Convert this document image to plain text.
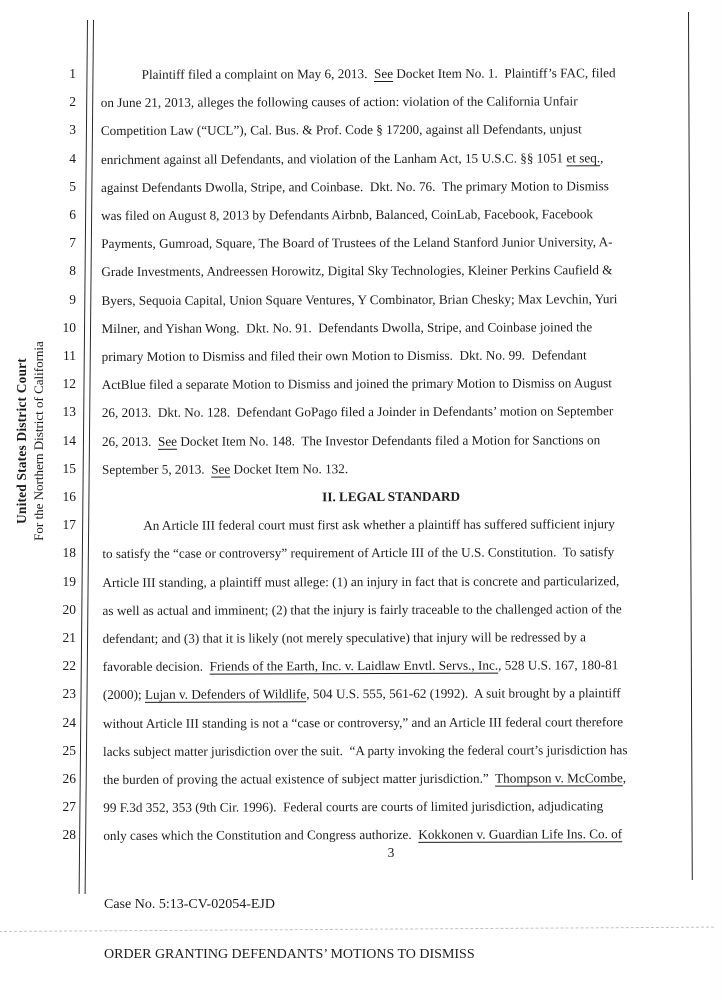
United States District Court For the Northern District of California
1
2
3
4
5
6
7
8
9
10
11
12
13
14
15
16
17
18
19
20
21
22
23
24
25
26
27
28
Plaintiff filed a complaint on May 6, 2013.  See Docket Item No. 1.  Plaintiff’s FAC, filed
on June 21, 2013, alleges the following causes of action: violation of the California Unfair
Competition Law (“UCL”), Cal. Bus. & Prof. Code § 17200, against all Defendants, unjust
enrichment against all Defendants, and violation of the Lanham Act, 15 U.S.C. §§ 1051 et seq.,
against Defendants Dwolla, Stripe, and Coinbase.  Dkt. No. 76.  The primary Motion to Dismiss
was filed on August 8, 2013 by Defendants Airbnb, Balanced, CoinLab, Facebook, Facebook
Payments, Gumroad, Square, The Board of Trustees of the Leland Stanford Junior University, A-
Grade Investments, Andreessen Horowitz, Digital Sky Technologies, Kleiner Perkins Caufield &
Byers, Sequoia Capital, Union Square Ventures, Y Combinator, Brian Chesky; Max Levchin, Yuri
Milner, and Yishan Wong.  Dkt. No. 91.  Defendants Dwolla, Stripe, and Coinbase joined the
primary Motion to Dismiss and filed their own Motion to Dismiss.  Dkt. No. 99.  Defendant
ActBlue filed a separate Motion to Dismiss and joined the primary Motion to Dismiss on August
26, 2013.  Dkt. No. 128.  Defendant GoPago filed a Joinder in Defendants’ motion on September
26, 2013.  See Docket Item No. 148.  The Investor Defendants filed a Motion for Sanctions on
September 5, 2013.  See Docket Item No. 132.
II. LEGAL STANDARD
An Article III federal court must first ask whether a plaintiff has suffered sufficient injury
to satisfy the “case or controversy” requirement of Article III of the U.S. Constitution.  To satisfy
Article III standing, a plaintiff must allege: (1) an injury in fact that is concrete and particularized,
as well as actual and imminent; (2) that the injury is fairly traceable to the challenged action of the
defendant; and (3) that it is likely (not merely speculative) that injury will be redressed by a
favorable decision.  Friends of the Earth, Inc. v. Laidlaw Envtl. Servs., Inc., 528 U.S. 167, 180-81
(2000); Lujan v. Defenders of Wildlife, 504 U.S. 555, 561-62 (1992).  A suit brought by a plaintiff
without Article III standing is not a “case or controversy,” and an Article III federal court therefore
lacks subject matter jurisdiction over the suit.  “A party invoking the federal court’s jurisdiction has
the burden of proving the actual existence of subject matter jurisdiction.”  Thompson v. McCombe,
99 F.3d 352, 353 (9th Cir. 1996).  Federal courts are courts of limited jurisdiction, adjudicating
only cases which the Constitution and Congress authorize.  Kokkonen v. Guardian Life Ins. Co. of
3

Case No. 5:13-CV-02054-EJD

ORDER GRANTING DEFENDANTS’ MOTIONS TO DISMISS
